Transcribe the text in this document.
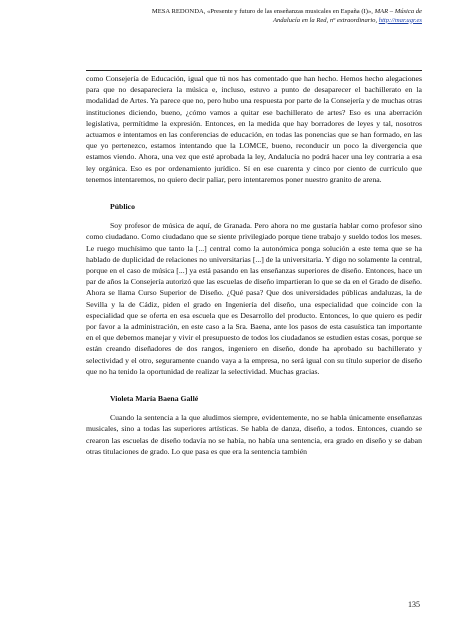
MESA REDONDA, «Presente y futuro de las enseñanzas musicales en España (I)», MAR – Música de
Andalucía en la Red, nº extraordinario, http://mar.ugr.es

como Consejería de Educación, igual que tú nos has comentado que han hecho. Hemos hecho alegaciones para que no desapareciera la música e, incluso, estuvo a punto de desaparecer el bachillerato en la modalidad de Artes. Ya parece que no, pero hubo una respuesta por parte de la Consejería y de muchas otras instituciones diciendo, bueno, ¿cómo vamos a quitar ese bachillerato de artes? Eso es una aberración legislativa, permítidme la expresión. Entonces, en la medida que hay borradores de leyes y tal, nosotros actuamos e intentamos en las conferencias de educación, en todas las ponencias que se han formado, en las que yo pertenezco, estamos intentando que la LOMCE, bueno, reconducir un poco la divergencia que estamos viendo. Ahora, una vez que esté aprobada la ley, Andalucía no podrá hacer una ley contraria a esa ley orgánica. Eso es por ordenamiento jurídico. Sí en ese cuarenta y cinco por ciento de currículo que tenemos intentaremos, no quiero decir paliar, pero intentaremos poner nuestro granito de arena.

Público

Soy profesor de música de aquí, de Granada. Pero ahora no me gustaría hablar como profesor sino como ciudadano. Como ciudadano que se siente privilegiado porque tiene trabajo y sueldo todos los meses. Le ruego muchísimo que tanto la [...] central como la autonómica ponga solución a este tema que se ha hablado de duplicidad de relaciones no universitarias [...] de la universitaria. Y digo no solamente la central, porque en el caso de música [...] ya está pasando en las enseñanzas superiores de diseño. Entonces, hace un par de años la Consejería autorizó que las escuelas de diseño impartieran lo que se da en el Grado de diseño. Ahora se llama Curso Superior de Diseño. ¿Qué pasa? Que dos universidades públicas andaluzas, la de Sevilla y la de Cádiz, piden el grado en Ingeniería del diseño, una especialidad que coincide con la especialidad que se oferta en esa escuela que es Desarrollo del producto. Entonces, lo que quiero es pedir por favor a la administración, en este caso a la Sra. Baena, ante los pasos de esta casuística tan importante en el que debemos manejar y vivir el presupuesto de todos los ciudadanos se estudien estas cosas, porque se están creando diseñadores de dos rangos, ingeniero en diseño, donde ha aprobado su bachillerato y selectividad y el otro, seguramente cuando vaya a la empresa, no será igual con su título superior de diseño que no ha tenido la oportunidad de realizar la selectividad. Muchas gracias.

Violeta María Baena Gallé

Cuando la sentencia a la que aludimos siempre, evidentemente, no se habla únicamente enseñanzas musicales, sino a todas las superiores artísticas. Se habla de danza, diseño, a todos. Entonces, cuando se crearon las escuelas de diseño todavía no se había, no había una sentencia, era grado en diseño y se daban otras titulaciones de grado. Lo que pasa es que era la sentencia también

135
